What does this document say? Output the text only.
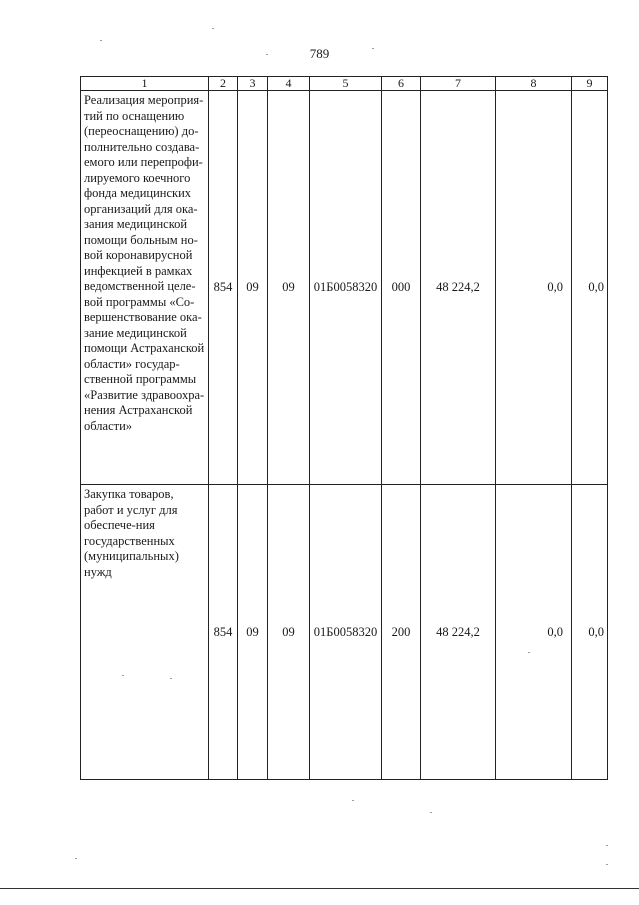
789
1	2	3	4	5	6	7	8	9
Реализация мероприя-тий по оснащению (переоснащению) до-полнительно создава-емого или перепрофи-лируемого коечного фонда медицинских организаций для ока-зания медицинской помощи больным но-вой коронавирусной инфекцией в рамках ведомственной целе-вой программы «Со-вершенствование ока-зание медицинской помощи Астраханской области» государ-ственной программы «Развитие здравоохра-нения Астраханской области»	854	09	09	01Б0058320	000	48 224,2	0,0	0,0
Закупка товаров, работ и услуг для обеспече-ния государственных (муниципальных) нужд	854	09	09	01Б0058320	200	48 224,2	0,0	0,0
